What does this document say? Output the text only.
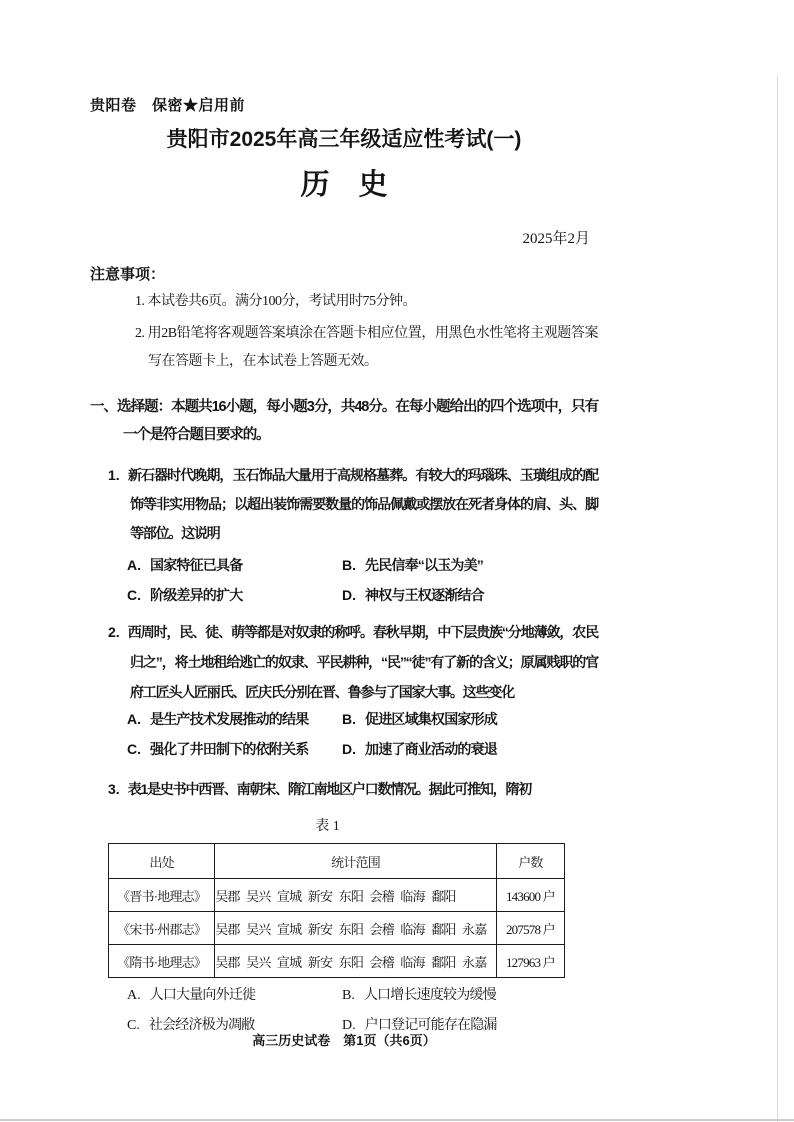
贵阳卷　保密★启用前
贵阳市2025年高三年级适应性考试(一)
历　史
2025年2月
注意事项：

1. 本试卷共6页。满分100分，考试用时75分钟。

2. 用2B铅笔将客观题答案填涂在答题卡相应位置，用黑色水性笔将主观题答案写在答题卡上，在本试卷上答题无效。

一、选择题：本题共16小题，每小题3分，共48分。在每小题给出的四个选项中，只有一个是符合题目要求的。

1. 新石器时代晚期，玉石饰品大量用于高规格墓葬。有较大的玛瑙珠、玉璜组成的配饰等非实用物品；以超出装饰需要数量的饰品佩戴或摆放在死者身体的肩、头、脚等部位。这说明

A. 国家特征已具备	B. 先民信奉“以玉为美”
C. 阶级差异的扩大	D. 神权与王权逐渐结合

2. 西周时，民、徒、萌等都是对奴隶的称呼。春秋早期，中下层贵族“分地薄敛，农民归之”，将土地租给逃亡的奴隶、平民耕种，“民”“徒”有了新的含义；原属贱职的官府工匠头人匠丽氏、匠庆氏分别在晋、鲁参与了国家大事。这些变化

A. 是生产技术发展推动的结果	B. 促进区域集权国家形成
C. 强化了井田制下的依附关系	D. 加速了商业活动的衰退

3. 表1是史书中西晋、南朝宋、隋江南地区户口数情况。据此可推知，隋初

表 1
出处	统计范围	户数
《晋书·地理志》	吴郡 吴兴 宣城 新安 东阳 会稽 临海 鄱阳	143600 户
《宋书·州郡志》	吴郡 吴兴 宣城 新安 东阳 会稽 临海 鄱阳 永嘉	207578 户
《隋书·地理志》	吴郡 吴兴 宣城 新安 东阳 会稽 临海 鄱阳 永嘉	127963 户
A. 人口大量向外迁徙	B. 人口增长速度较为缓慢
C. 社会经济极为凋敝	D. 户口登记可能存在隐漏
高三历史试卷　第1页（共6页）
